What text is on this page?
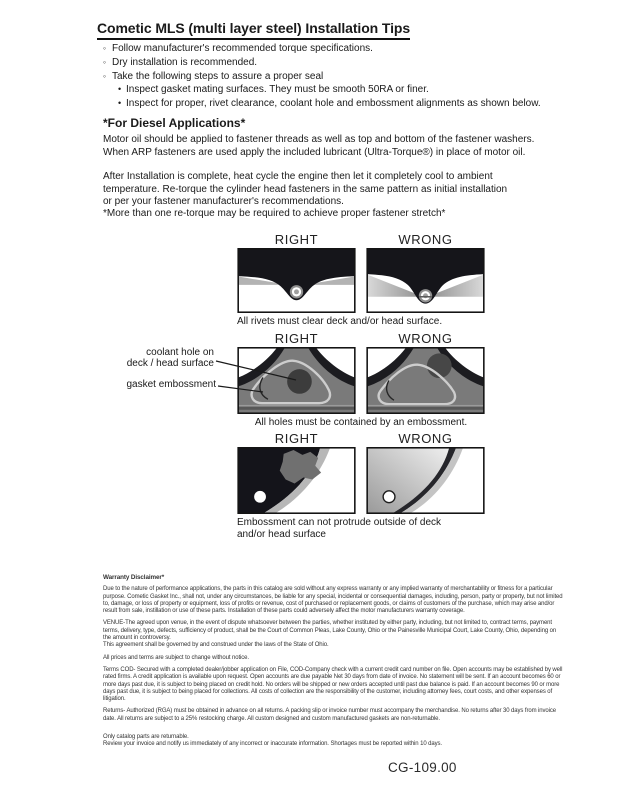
Cometic MLS (multi layer steel) Installation Tips
◦ Follow manufacturer's recommended torque specifications.
◦ Dry installation is recommended.
◦ Take the following steps to assure a proper seal
• Inspect gasket mating surfaces. They must be smooth 50RA or finer.
• Inspect for proper, rivet clearance, coolant hole and embossment alignments as shown below.
*For Diesel Applications*
Motor oil should be applied to fastener threads as well as top and bottom of the fastener washers.
When ARP fasteners are used apply the included lubricant (Ultra-Torque®) in place of motor oil.
After Installation is complete, heat cycle the engine then let it completely cool to ambient
temperature. Re-torque the cylinder head fasteners in the same pattern as initial installation
or per your fastener manufacturer's recommendations.
*More than one re-torque may be required to achieve proper fastener stretch*
RIGHT	WRONG
All rivets must clear deck and/or head surface.
RIGHT	WRONG
All holes must be contained by an embossment.
coolant hole on
deck / head surface
gasket embossment
RIGHT	WRONG
Embossment can not protrude outside of deck
and/or head surface
Warranty Disclaimer*
Due to the nature of performance applications, the parts in this catalog are sold without any express warranty or any implied warranty of merchantability or fitness for a particular purpose. Cometic Gasket Inc., shall not, under any circumstances, be liable for any special, incidental or consequential damages, including, person, party or property, but not limited to, damage, or loss of property or equipment, loss of profits or revenue, cost of purchased or replacement goods, or claims of customers of the purchase, which may arise and/or result from sale, instillation or use of these parts. Installation of these parts could adversely affect the motor manufacturers warranty coverage.
VENUE-The agreed upon venue, in the event of dispute whatsoever between the parties, whether instituted by either party, including, but not limited to, contract terms, payment terms, delivery, type, defects, sufficiency of product, shall be the Court of Common Pleas, Lake County, Ohio or the Painesville Municipal Court, Lake County, Ohio, depending on the amount in controversy.
This agreement shall be governed by and construed under the laws of the State of Ohio.
All prices and terms are subject to change without notice.
Terms COD- Secured with a completed dealer/jobber application on File, COD-Company check with a current credit card number on file. Open accounts may be established by well rated firms. A credit application is available upon request. Open accounts are due payable Net 30 days from date of invoice. No statement will be sent. If an account becomes 60 or more days past due, it is subject to being placed on credit hold. No orders will be shipped or new orders accepted until past due balance is paid. If an account becomes 90 or more days past due, it is subject to being placed for collections. All costs of collection are the responsibility of the customer, including attorney fees, court costs, and other expenses of litigation.
Returns- Authorized (RGA) must be obtained in advance on all returns. A packing slip or invoice number must accompany the merchandise. No returns after 30 days from invoice date. All returns are subject to a 25% restocking charge. All custom designed and custom manufactured gaskets are non-returnable.
Only catalog parts are returnable.
Review your invoice and notify us immediately of any incorrect or inaccurate information. Shortages must be reported within 10 days.
CG-109.00
